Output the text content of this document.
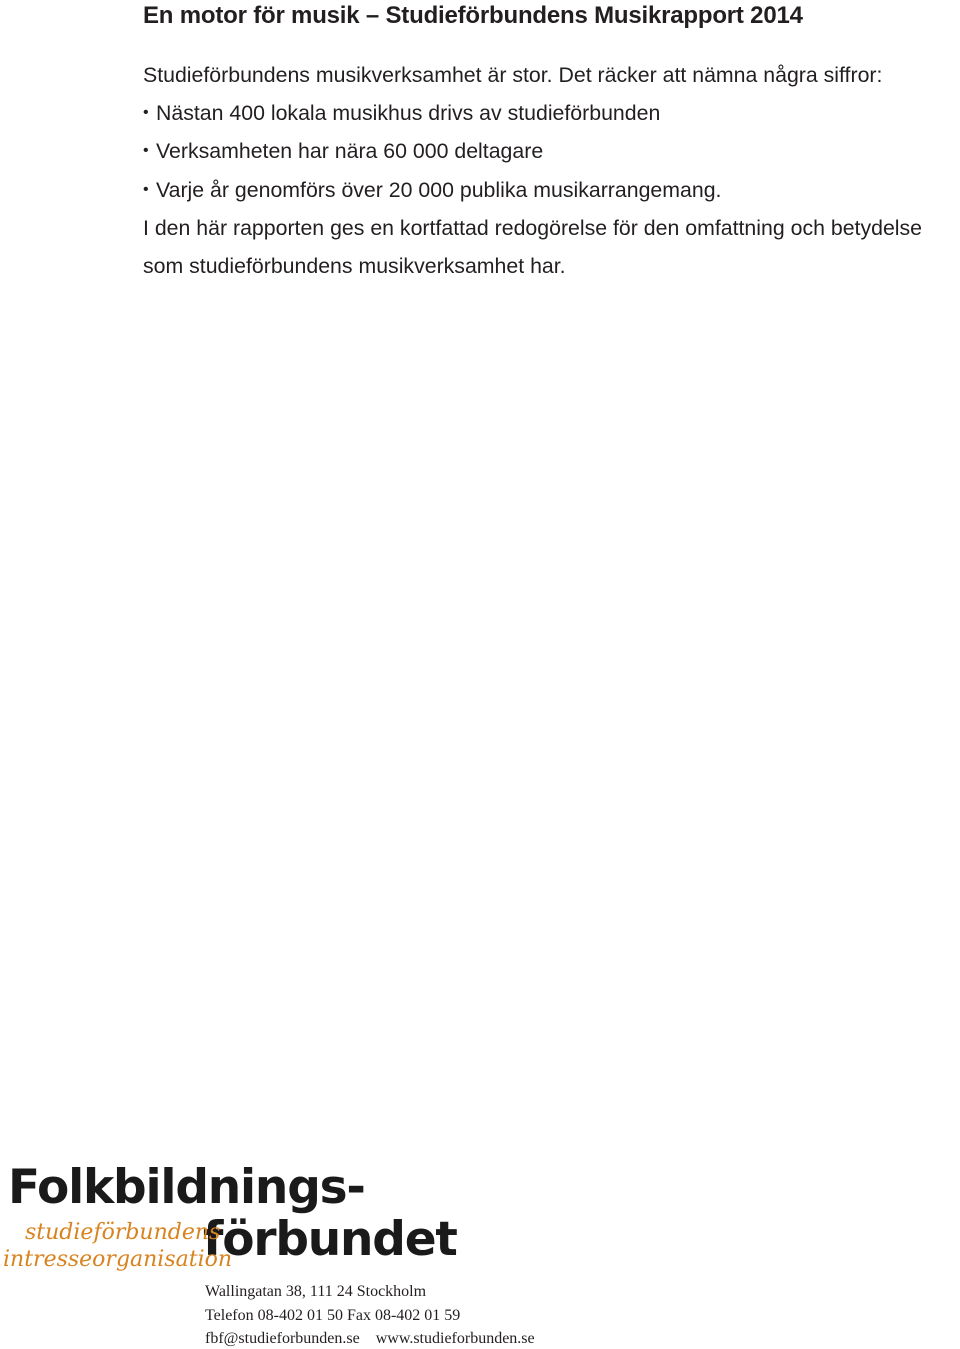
En motor för musik – Studieförbundens Musikrapport 2014

Studieförbundens musikverksamhet är stor. Det räcker att nämna några siffror:

• Nästan 400 lokala musikhus drivs av studieförbunden
• Verksamheten har nära 60 000 deltagare
• Varje år genomförs över 20 000 publika musikarrangemang.

I den här rapporten ges en kortfattad redogörelse för den omfattning och betydelse som studieförbundens musikverksamhet har.

Folkbildnings-
förbundet
studieförbundens
intresseorganisation
Wallingatan 38, 111 24 Stockholm
Telefon 08-402 01 50 Fax 08-402 01 59
fbf@studieforbunden.se www.studieforbunden.se
